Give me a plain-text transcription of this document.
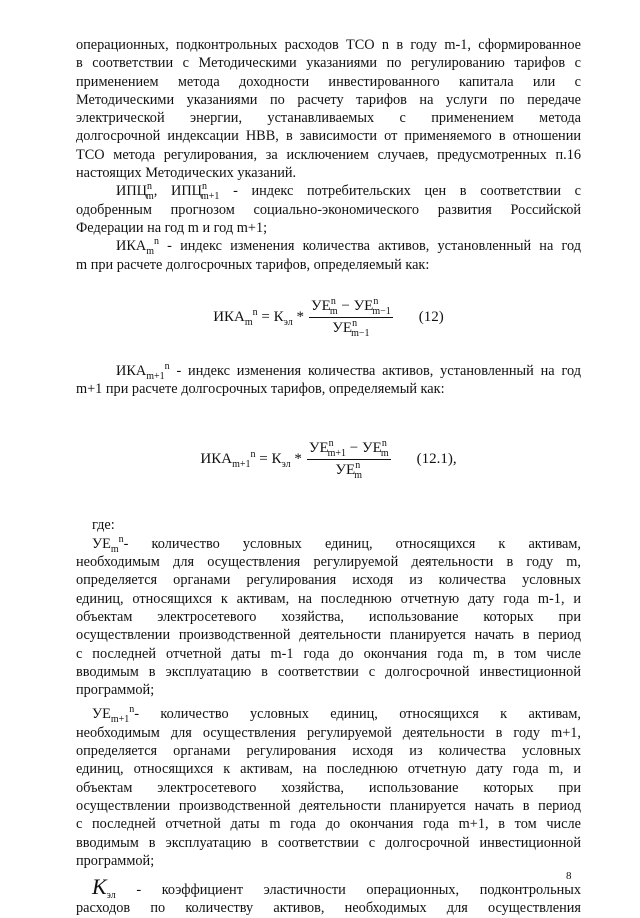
операционных, подконтрольных расходов ТСО n в году m-1, сформированное

в соответствии с Методическими указаниями по регулированию тарифов с

применением метода доходности инвестированного капитала или с

Методическими указаниями по расчету тарифов на услуги по передаче

электрической энергии, устанавливаемых с применением метода

долгосрочной индексации НВВ, в зависимости от применяемого в отношении

ТСО метода регулирования, за исключением случаев, предусмотренных п.16

настоящих Методических указаний.

$ИПЦ^n_m$, $ИПЦ^n_{m+1}$ - индекс потребительских цен в соответствии с

одобренным прогнозом социально-экономического развития Российской

Федерации на год m и год m+1;

$ИКА_m^n$ - индекс изменения количества активов, установленный на год

m при расчете долгосрочных тарифов, определяемый как:

$ИКА_m^n$
=
$К_{эл}$
* $\frac{УЕ^n_m - УЕ^n_{m-1}}{УЕ^n_{m-1}} (12)$

$ИКА_{m+1}^n$ - индекс изменения количества активов, установленный на год

m+1 при расчете долгосрочных тарифов, определяемый как:

$ИКА_{m+1}^n$
=
$К_{эл}$
* $\frac{УЕ^n_{m+1} - УЕ^n_m}{УЕ^n_m} (12.1)$,

где:

$УЕ_m^n-$ количество условных единиц, относящихся к активам,

необходимым для осуществления регулируемой деятельности в году m,

определяется органами регулирования исходя из количества условных

единиц, относящихся к активам, на последнюю отчетную дату года m-1, и

объектам электросетевого хозяйства, использование которых при

осуществлении производственной деятельности планируется начать в период

с последней отчетной даты m-1 года до окончания года m, в том числе

вводимым в эксплуатацию в соответствии с долгосрочной инвестиционной

программой;

$УЕ_{m+1}^n-$ количество условных единиц, относящихся к активам,

необходимым для осуществления регулируемой деятельности в году m+1,

определяется органами регулирования исходя из количества условных

единиц, относящихся к активам, на последнюю отчетную дату года m, и

объектам электросетевого хозяйства, использование которых при

осуществлении производственной деятельности планируется начать в период

с последней отчетной даты m года до окончания года m+1, в том числе

вводимым в эксплуатацию в соответствии с долгосрочной инвестиционной

программой;

$К_{эл}$ - коэффициент эластичности операционных, подконтрольных

расходов по количеству активов, необходимых для осуществления

8
